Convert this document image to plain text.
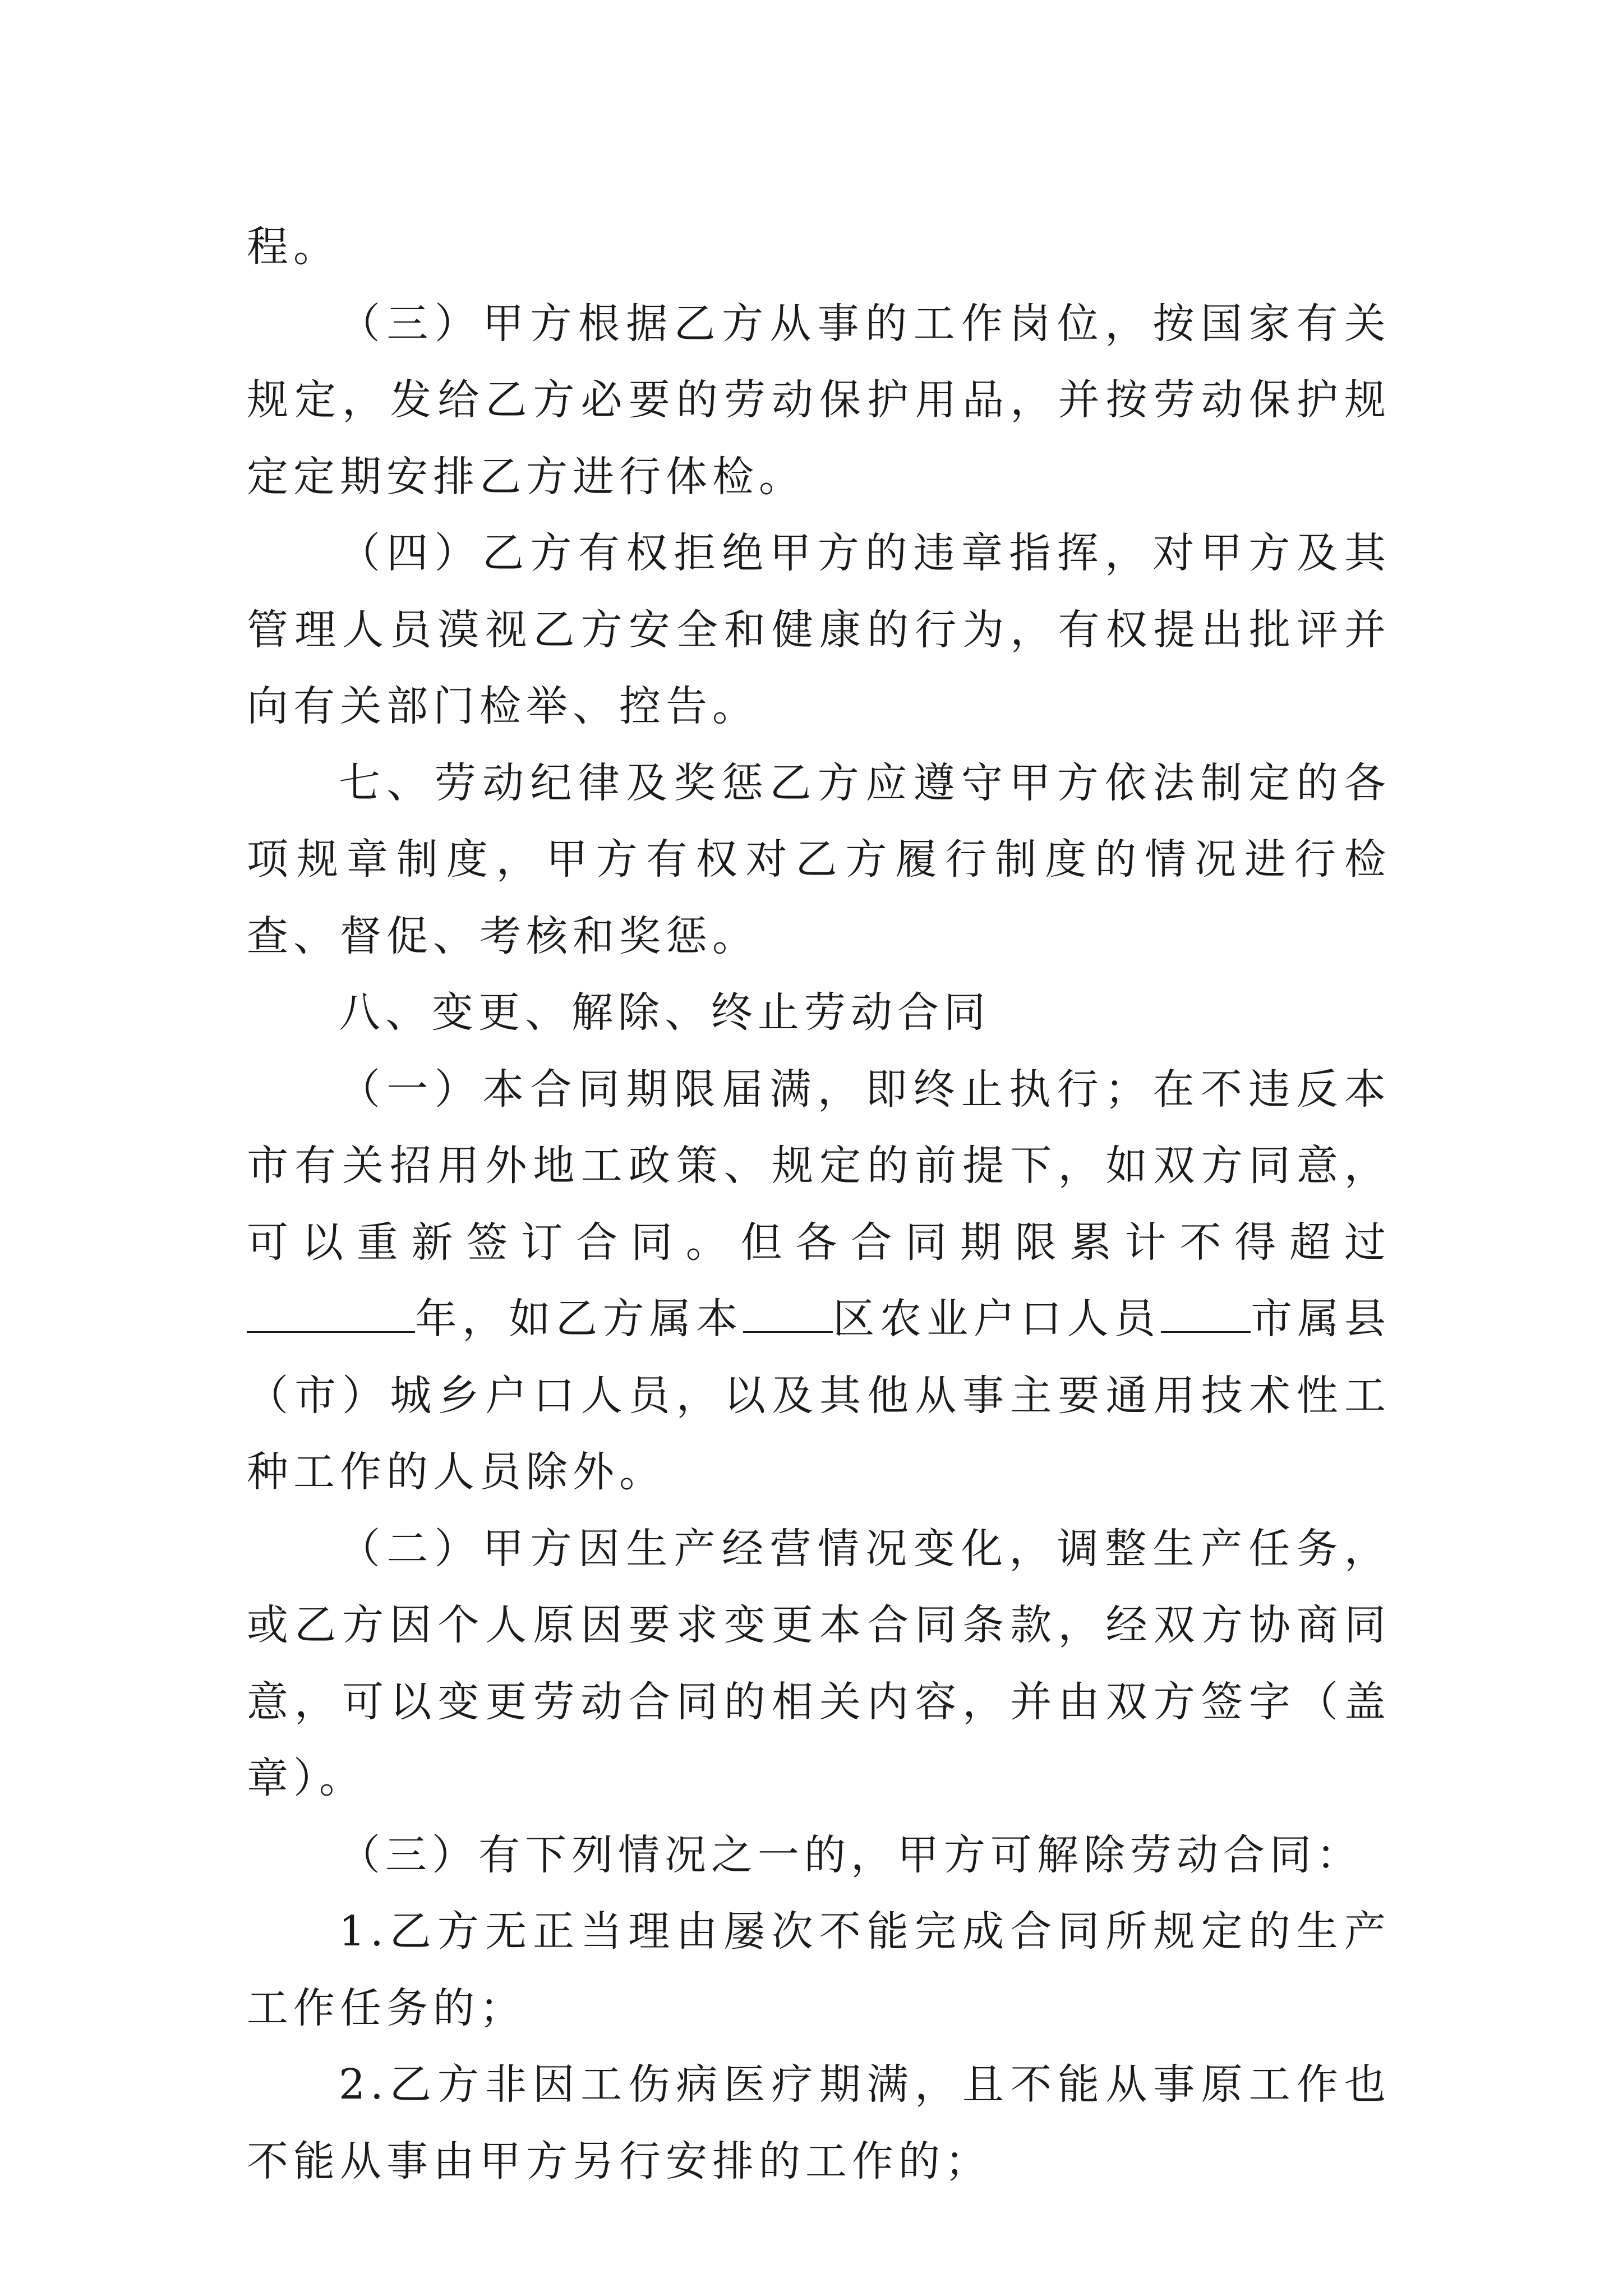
程。

（三）甲方根据乙方从事的工作岗位，按国家有关规定，发给乙方必要的劳动保护用品，并按劳动保护规定定期安排乙方进行体检。

（四）乙方有权拒绝甲方的违章指挥，对甲方及其管理人员漠视乙方安全和健康的行为，有权提出批评并向有关部门检举、控告。

七、劳动纪律及奖惩乙方应遵守甲方依法制定的各项规章制度，甲方有权对乙方履行制度的情况进行检查、督促、考核和奖惩。

八、变更、解除、终止劳动合同

（一）本合同期限届满，即终止执行；在不违反本市有关招用外地工政策、规定的前提下，如双方同意，可以重新签订合同。但各合同期限累计不得超过年，如乙方属本 区农业户口人员 市属县（市）城乡户口人员，以及其他从事主要通用技术性工种工作的人员除外。

（二）甲方因生产经营情况变化，调整生产任务，或乙方因个人原因要求变更本合同条款，经双方协商同意，可以变更劳动合同的相关内容，并由双方签字（盖章）。

（三）有下列情况之一的，甲方可解除劳动合同：

1.乙方无正当理由屡次不能完成合同所规定的生产工作任务的；

2.乙方非因工伤病医疗期满，且不能从事原工作也不能从事由甲方另行安排的工作的；
